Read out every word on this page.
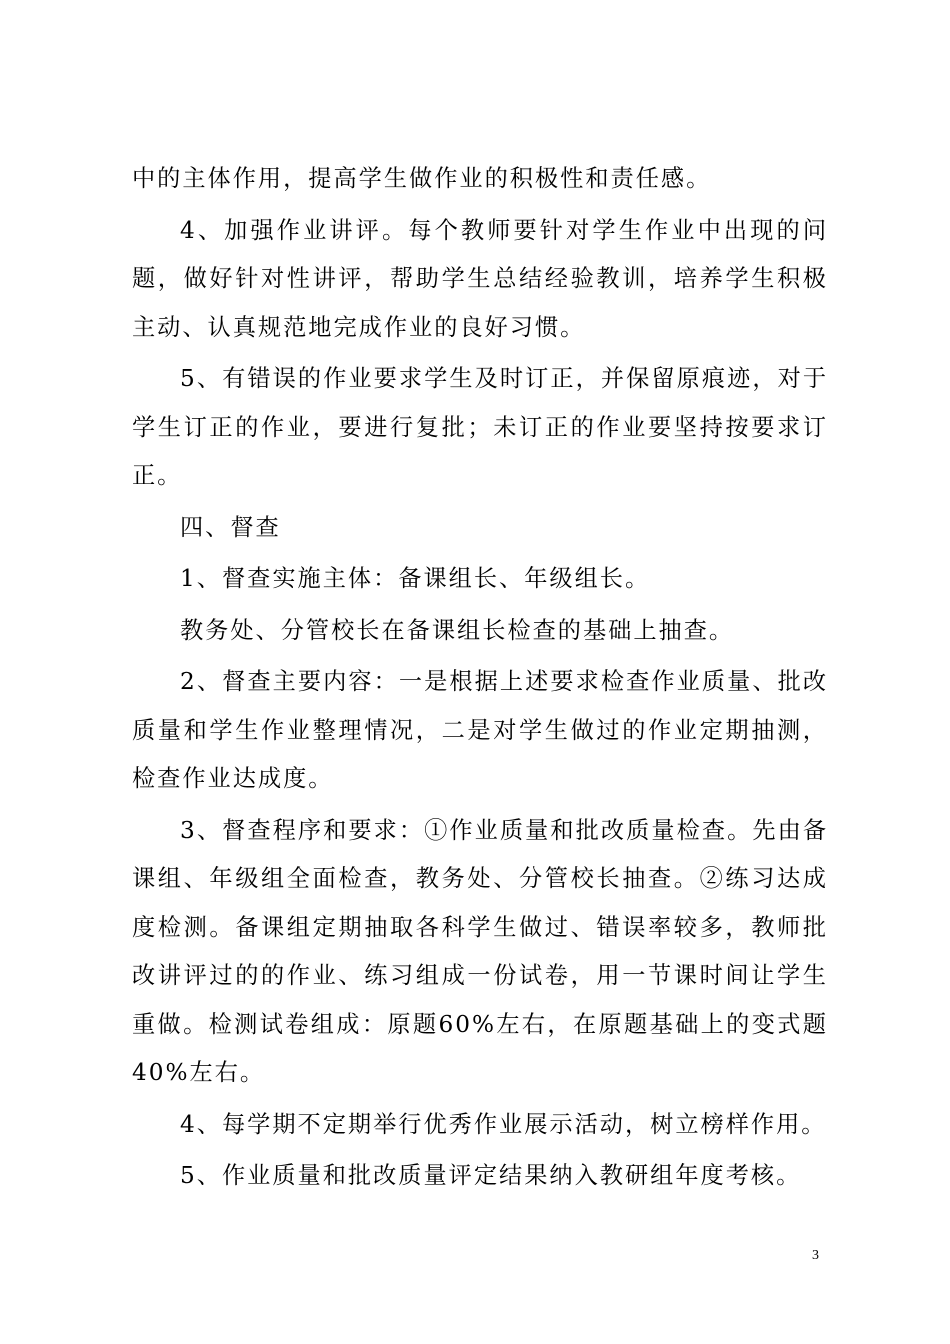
中的主体作用，提高学生做作业的积极性和责任感。

4、加强作业讲评。每个教师要针对学生作业中出现的问题，做好针对性讲评，帮助学生总结经验教训，培养学生积极主动、认真规范地完成作业的良好习惯。

5、有错误的作业要求学生及时订正，并保留原痕迹，对于学生订正的作业，要进行复批；未订正的作业要坚持按要求订正。

四、督查

1、督查实施主体：备课组长、年级组长。

教务处、分管校长在备课组长检查的基础上抽查。

2、督查主要内容：一是根据上述要求检查作业质量、批改质量和学生作业整理情况，二是对学生做过的作业定期抽测，检查作业达成度。

3、督查程序和要求：①作业质量和批改质量检查。先由备课组、年级组全面检查，教务处、分管校长抽查。②练习达成度检测。备课组定期抽取各科学生做过、错误率较多，教师批改讲评过的的作业、练习组成一份试卷，用一节课时间让学生重做。检测试卷组成：原题60%左右，在原题基础上的变式题40%左右。

4、每学期不定期举行优秀作业展示活动，树立榜样作用。

5、作业质量和批改质量评定结果纳入教研组年度考核。

3
